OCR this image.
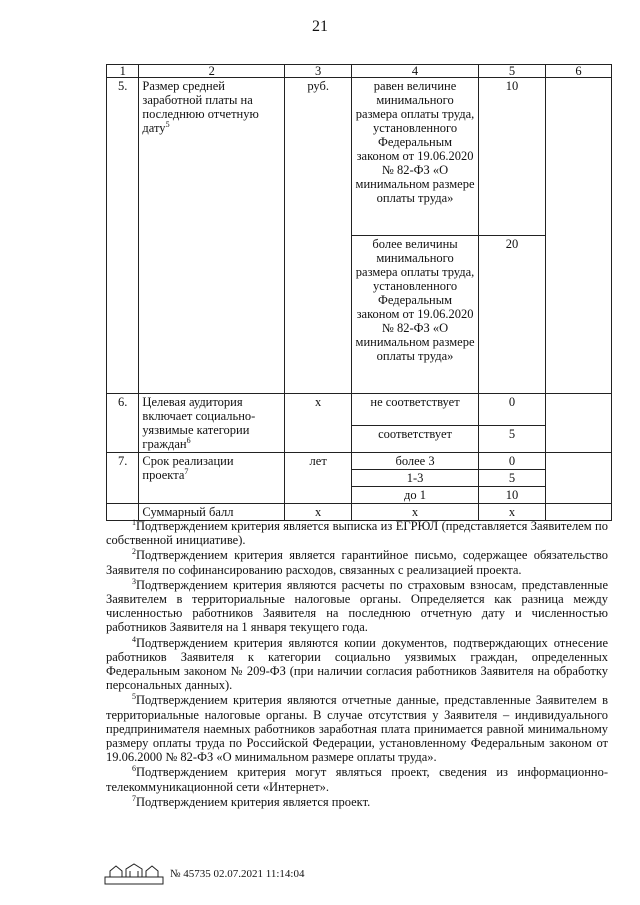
21
1	2	3	4	5	6
5.	Размер средней заработной платы на последнюю отчетную дату$^5$	руб.	равен величине минимального размера оплаты труда, установленного Федеральным законом от 19.06.2020 № 82-ФЗ «О минимальном размере оплаты труда»	10	
			более величины минимального размера оплаты труда, установленного Федеральным законом от 19.06.2020 № 82-ФЗ «О минимальном размере оплаты труда»	20	
6.	Целевая аудитория включает социально-уязвимые категории граждан$^6$	х	не соответствует	0	
			соответствует	5	
7.	Срок реализации проекта$^7$	лет	более 3	0	
			1-3	5	
			до 1	10	
	Суммарный балл	х	х	х	

$^1$Подтверждением критерия является выписка из ЕГРЮЛ (представляется Заявителем по собственной инициативе).

$^2$Подтверждением критерия является гарантийное письмо, содержащее обязательство Заявителя по софинансированию расходов, связанных с реализацией проекта.

$^3$Подтверждением критерия являются расчеты по страховым взносам, представленные Заявителем в территориальные налоговые органы. Определяется как разница между численностью работников Заявителя на последнюю отчетную дату и численностью работников Заявителя на 1 января текущего года.

$^4$Подтверждением критерия являются копии документов, подтверждающих отнесение работников Заявителя к категории социально уязвимых граждан, определенных Федеральным законом № 209-ФЗ (при наличии согласия работников Заявителя на обработку персональных данных).

$^5$Подтверждением критерия являются отчетные данные, представленные Заявителем в территориальные налоговые органы. В случае отсутствия у Заявителя – индивидуального предпринимателя наемных работников заработная плата принимается равной минимальному размеру оплаты труда по Российской Федерации, установленному Федеральным законом от 19.06.2000 № 82-ФЗ «О минимальном размере оплаты труда».

$^6$Подтверждением критерия могут являться проект, сведения из информационно-телекоммуникационной сети «Интернет».

$^7$Подтверждением критерия является проект.

№ 45735
02.07.2021 11:14:04
